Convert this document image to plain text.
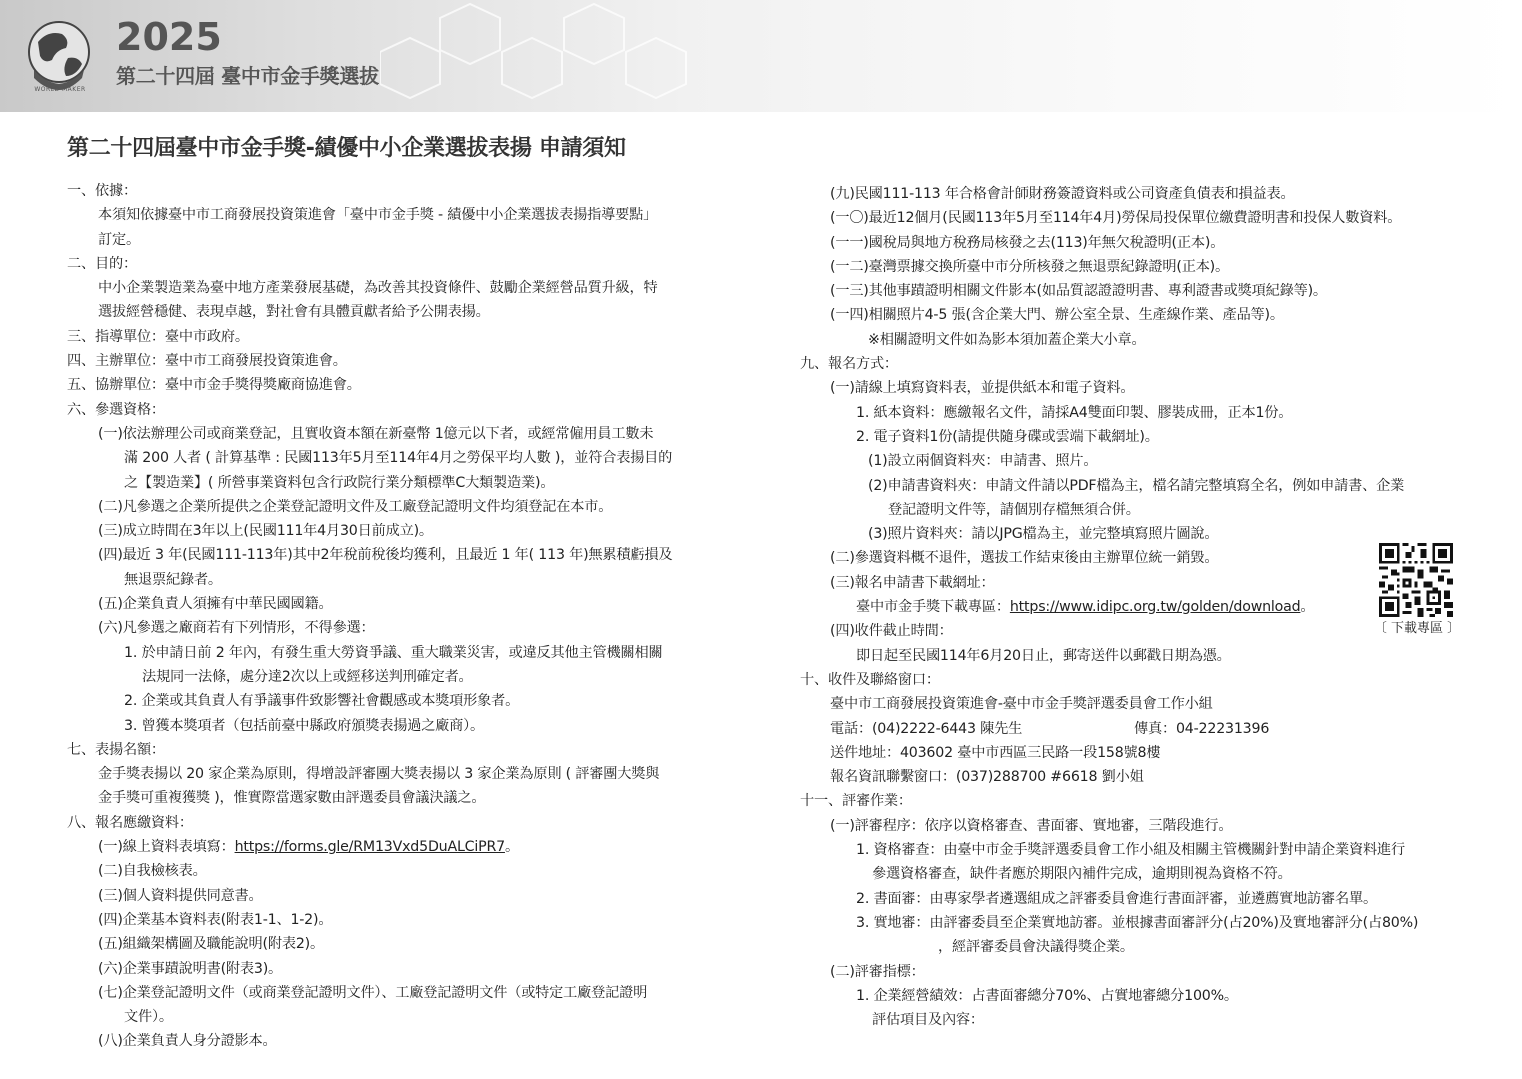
WORLD MAKER
2025
第二十四屆 臺中市金手獎選拔
第二十四屆臺中市金手獎-績優中小企業選拔表揚 申請須知
一、依據：
本須知依據臺中市工商發展投資策進會「臺中市金手獎 - 績優中小企業選拔表揚指導要點」
訂定。
二、目的：
中小企業製造業為臺中地方產業發展基礎，為改善其投資條件、鼓勵企業經營品質升級，特
選拔經營穩健、表現卓越，對社會有具體貢獻者給予公開表揚。
三、指導單位：臺中市政府。
四、主辦單位：臺中市工商發展投資策進會。
五、協辦單位：臺中市金手獎得獎廠商協進會。
六、參選資格：
(一)依法辦理公司或商業登記，且實收資本額在新臺幣 1億元以下者，或經常僱用員工數未
滿 200 人者 ( 計算基準 : 民國113年5月至114年4月之勞保平均人數 )，並符合表揚目的
之【製造業】( 所營事業資料包含行政院行業分類標準C大類製造業)。
(二)凡參選之企業所提供之企業登記證明文件及工廠登記證明文件均須登記在本市。
(三)成立時間在3年以上(民國111年4月30日前成立)。
(四)最近 3 年(民國111-113年)其中2年稅前稅後均獲利，且最近 1 年( 113 年)無累積虧損及
無退票紀錄者。
(五)企業負責人須擁有中華民國國籍。
(六)凡參選之廠商若有下列情形，不得參選：
1. 於申請日前 2 年內，有發生重大勞資爭議、重大職業災害，或違反其他主管機關相關
法規同一法條，處分達2次以上或經移送判刑確定者。
2. 企業或其負責人有爭議事件致影響社會觀感或本獎項形象者。
3. 曾獲本獎項者（包括前臺中縣政府頒獎表揚過之廠商）。
七、表揚名額：
金手獎表揚以 20 家企業為原則，得增設評審團大獎表揚以 3 家企業為原則 ( 評審團大獎與
金手獎可重複獲獎 )，惟實際當選家數由評選委員會議決議之。
八、報名應繳資料：
(一)線上資料表填寫：https://forms.gle/RM13Vxd5DuALCiPR7。
(二)自我檢核表。
(三)個人資料提供同意書。
(四)企業基本資料表(附表1-1、1-2)。
(五)組織架構圖及職能說明(附表2)。
(六)企業事蹟說明書(附表3)。
(七)企業登記證明文件（或商業登記證明文件）、工廠登記證明文件（或特定工廠登記證明
文件）。
(八)企業負責人身分證影本。
(九)民國111-113 年合格會計師財務簽證資料或公司資產負債表和損益表。
(一〇)最近12個月(民國113年5月至114年4月)勞保局投保單位繳費證明書和投保人數資料。
(一一)國稅局與地方稅務局核發之去(113)年無欠稅證明(正本)。
(一二)臺灣票據交換所臺中市分所核發之無退票紀錄證明(正本)。
(一三)其他事蹟證明相關文件影本(如品質認證證明書、專利證書或獎項紀錄等)。
(一四)相關照片4-5 張(含企業大門、辦公室全景、生產線作業、產品等)。
※相關證明文件如為影本須加蓋企業大小章。
九、報名方式：
(一)請線上填寫資料表，並提供紙本和電子資料。
1. 紙本資料：應繳報名文件，請採A4雙面印製、膠裝成冊，正本1份。
2. 電子資料1份(請提供隨身碟或雲端下載網址)。
(1)設立兩個資料夾：申請書、照片。
(2)申請書資料夾：申請文件請以PDF檔為主，檔名請完整填寫全名，例如申請書、企業
登記證明文件等，請個別存檔無須合併。
(3)照片資料夾：請以JPG檔為主，並完整填寫照片圖說。
(二)參選資料概不退件，選拔工作結束後由主辦單位統一銷毀。
(三)報名申請書下載網址：
臺中市金手獎下載專區：https://www.idipc.org.tw/golden/download。
(四)收件截止時間：
即日起至民國114年6月20日止，郵寄送件以郵戳日期為憑。
十、收件及聯絡窗口：
臺中市工商發展投資策進會-臺中市金手獎評選委員會工作小組
電話：(04)2222-6443 陳先生	傳真：04-22231396
送件地址：403602 臺中市西區三民路一段158號8樓
報名資訊聯繫窗口：(037)288700 #6618 劉小姐
十一、評審作業：
(一)評審程序：依序以資格審查、書面審、實地審，三階段進行。
1. 資格審查：由臺中市金手獎評選委員會工作小組及相關主管機關針對申請企業資料進行
參選資格審查，缺件者應於期限內補件完成，逾期則視為資格不符。
2. 書面審：由專家學者遴選組成之評審委員會進行書面評審，並遴薦實地訪審名單。
3. 實地審：由評審委員至企業實地訪審。並根據書面審評分(占20%)及實地審評分(占80%)
，經評審委員會決議得獎企業。
(二)評審指標：
1. 企業經營績效：占書面審總分70%、占實地審總分100%。
評估項目及內容：
〔 下載專區 〕
